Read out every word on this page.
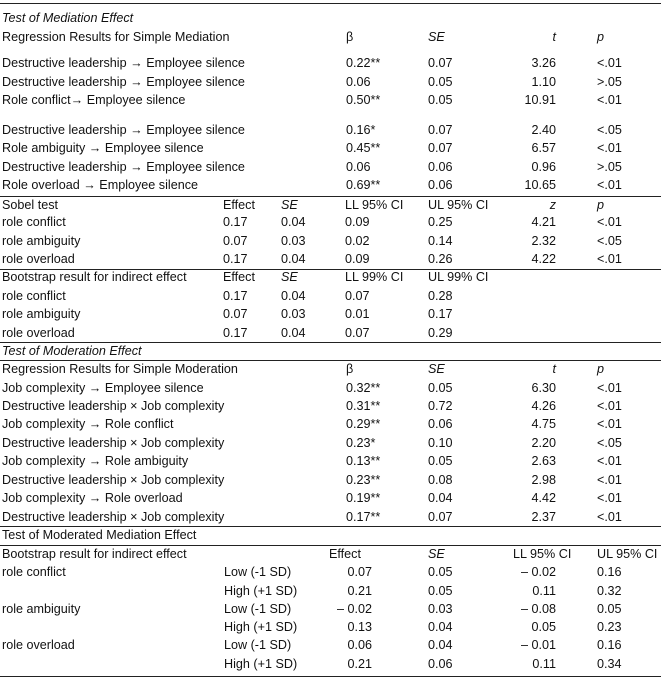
Test of Mediation Effect
Regression Results for Simple Mediation	β	SE	t	p
Destructive leadership → Employee silence	0.22**	0.07	3.26	<.01
Destructive leadership → Employee silence	0.06	0.05	1.10	>.05
Role conflict→ Employee silence	0.50**	0.05	10.91	<.01
Destructive leadership → Employee silence	0.16*	0.07	2.40	<.05
Role ambiguity → Employee silence	0.45**	0.07	6.57	<.01
Destructive leadership → Employee silence	0.06	0.06	0.96	>.05
Role overload → Employee silence	0.69**	0.06	10.65	<.01
Sobel test	Effect	SE	LL 95% CI	UL 95% CI	z	p
role conflict	0.17	0.04	0.09	0.25	4.21	<.01
role ambiguity	0.07	0.03	0.02	0.14	2.32	<.05
role overload	0.17	0.04	0.09	0.26	4.22	<.01
Bootstrap result for indirect effect	Effect	SE	LL 99% CI	UL 99% CI
role conflict	0.17	0.04	0.07	0.28
role ambiguity	0.07	0.03	0.01	0.17
role overload	0.17	0.04	0.07	0.29
Test of Moderation Effect
Regression Results for Simple Moderation	β	SE	t	p
Job complexity → Employee silence	0.32**	0.05	6.30	<.01
Destructive leadership × Job complexity	0.31**	0.72	4.26	<.01
Job complexity → Role conflict	0.29**	0.06	4.75	<.01
Destructive leadership × Job complexity	0.23*	0.10	2.20	<.05
Job complexity → Role ambiguity	0.13**	0.05	2.63	<.01
Destructive leadership × Job complexity	0.23**	0.08	2.98	<.01
Job complexity → Role overload	0.19**	0.04	4.42	<.01
Destructive leadership × Job complexity	0.17**	0.07	2.37	<.01
Test of Moderated Mediation Effect
Bootstrap result for indirect effect	Effect	SE	LL 95% CI	UL 95% CI
role conflict	Low (-1 SD)	0.07	0.05	– 0.02	0.16
High (+1 SD)	0.21	0.05	0.11	0.32
role ambiguity	Low (-1 SD)	– 0.02	0.03	– 0.08	0.05
High (+1 SD)	0.13	0.04	0.05	0.23
role overload	Low (-1 SD)	0.06	0.04	– 0.01	0.16
High (+1 SD)	0.21	0.06	0.11	0.34
